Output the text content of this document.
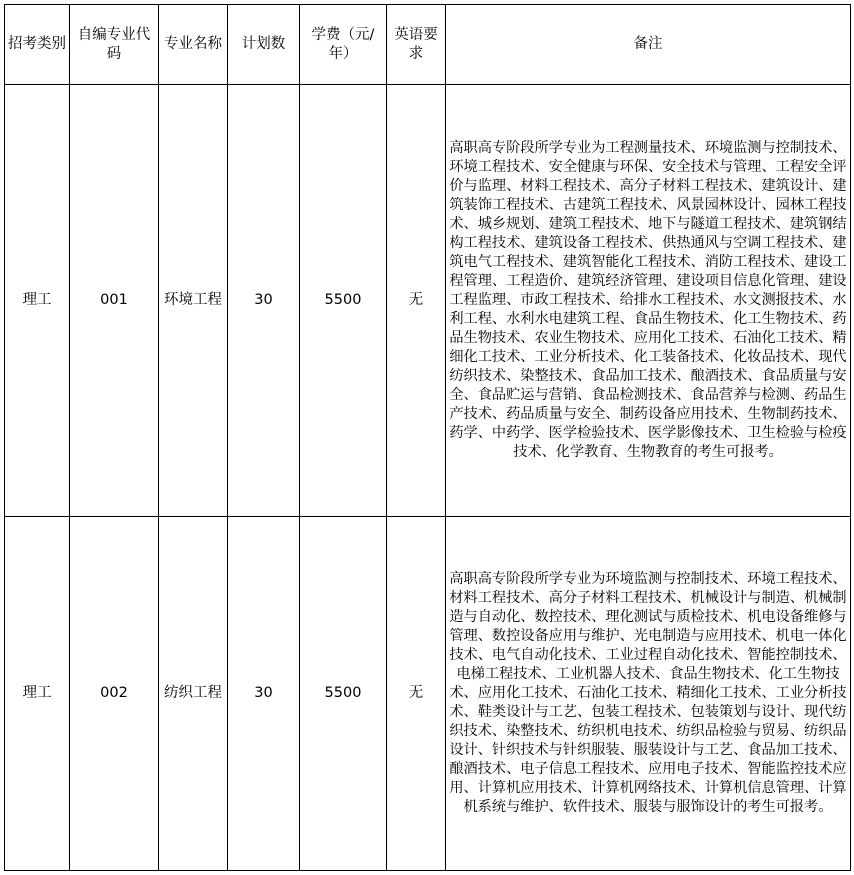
招考类别	自编专业代码	专业名称	计划数	学费（元/年）	英语要求	备注
理工	001	环境工程	30	5500	无	高职高专阶段所学专业为工程测量技术、环境监测与控制技术、环境工程技术、安全健康与环保、安全技术与管理、工程安全评价与监理、材料工程技术、高分子材料工程技术、建筑设计、建筑装饰工程技术、古建筑工程技术、风景园林设计、园林工程技术、城乡规划、建筑工程技术、地下与隧道工程技术、建筑钢结构工程技术、建筑设备工程技术、供热通风与空调工程技术、建筑电气工程技术、建筑智能化工程技术、消防工程技术、建设工程管理、工程造价、建筑经济管理、建设项目信息化管理、建设工程监理、市政工程技术、给排水工程技术、水文测报技术、水利工程、水利水电建筑工程、食品生物技术、化工生物技术、药品生物技术、农业生物技术、应用化工技术、石油化工技术、精细化工技术、工业分析技术、化工装备技术、化妆品技术、现代纺织技术、染整技术、食品加工技术、酿酒技术、食品质量与安全、食品贮运与营销、食品检测技术、食品营养与检测、药品生产技术、药品质量与安全、制药设备应用技术、生物制药技术、药学、中药学、医学检验技术、医学影像技术、卫生检验与检疫技术、化学教育、生物教育的考生可报考。
理工	002	纺织工程	30	5500	无	高职高专阶段所学专业为环境监测与控制技术、环境工程技术、材料工程技术、高分子材料工程技术、机械设计与制造、机械制造与自动化、数控技术、理化测试与质检技术、机电设备维修与管理、数控设备应用与维护、光电制造与应用技术、机电一体化技术、电气自动化技术、工业过程自动化技术、智能控制技术、电梯工程技术、工业机器人技术、食品生物技术、化工生物技术、应用化工技术、石油化工技术、精细化工技术、工业分析技术、鞋类设计与工艺、包装工程技术、包装策划与设计、现代纺织技术、染整技术、纺织机电技术、纺织品检验与贸易、纺织品设计、针织技术与针织服装、服装设计与工艺、食品加工技术、酿酒技术、电子信息工程技术、应用电子技术、智能监控技术应用、计算机应用技术、计算机网络技术、计算机信息管理、计算机系统与维护、软件技术、服装与服饰设计的考生可报考。
